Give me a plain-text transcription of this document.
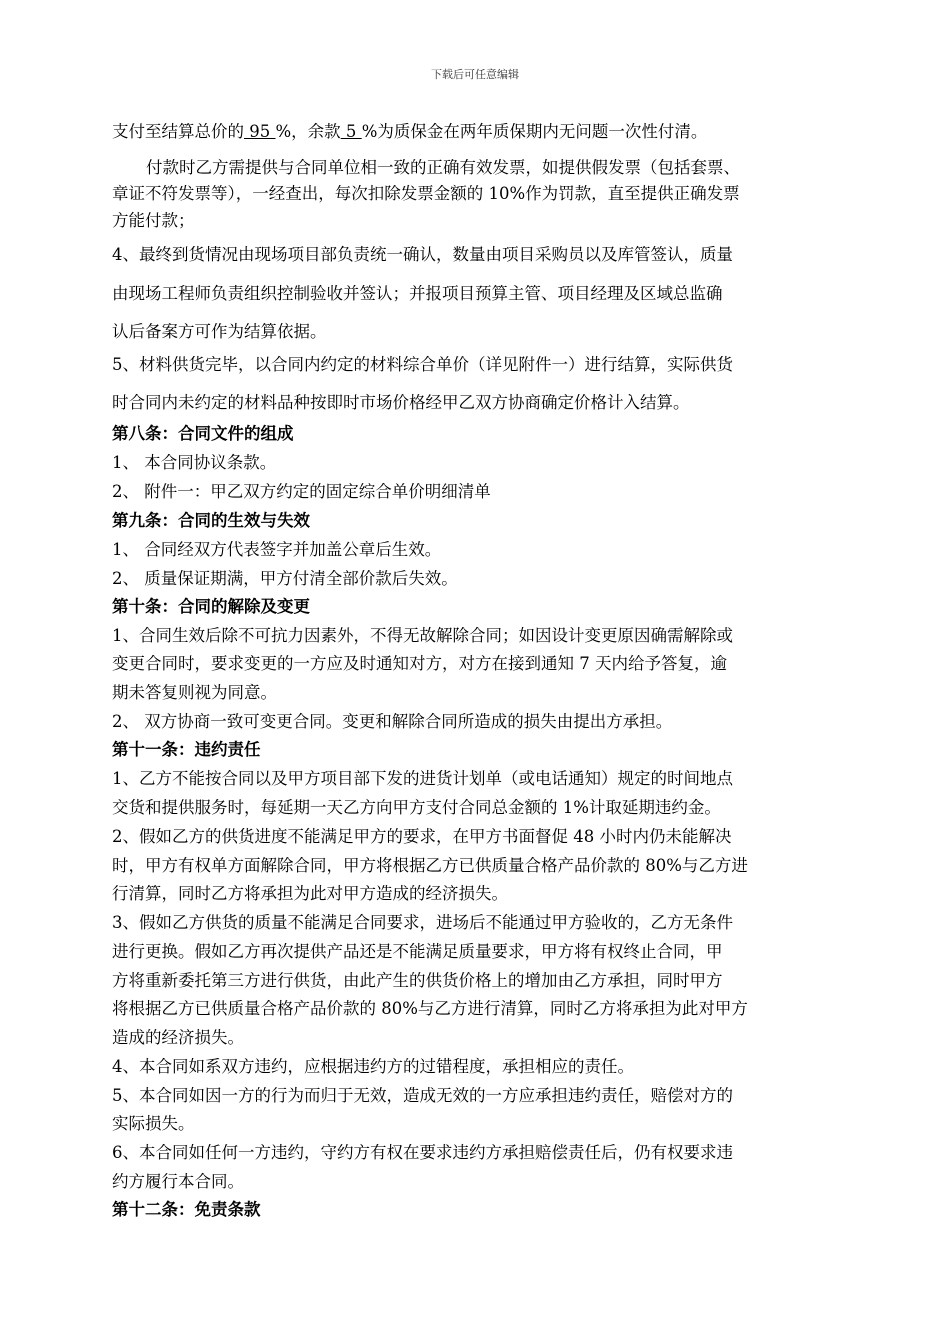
下载后可任意编辑
支付至结算总价的 95 %，余款 5 %为质保金在两年质保期内无问题一次性付清。
付款时乙方需提供与合同单位相一致的正确有效发票，如提供假发票（包括套票、
章证不符发票等），一经查出，每次扣除发票金额的 10%作为罚款，直至提供正确发票
方能付款；
4、最终到货情况由现场项目部负责统一确认，数量由项目采购员以及库管签认，质量
由现场工程师负责组织控制验收并签认；并报项目预算主管、项目经理及区域总监确
认后备案方可作为结算依据。
5、材料供货完毕，以合同内约定的材料综合单价（详见附件一）进行结算，实际供货
时合同内未约定的材料品种按即时市场价格经甲乙双方协商确定价格计入结算。
第八条：合同文件的组成
1、 本合同协议条款。
2、 附件一：甲乙双方约定的固定综合单价明细清单
第九条：合同的生效与失效
1、 合同经双方代表签字并加盖公章后生效。
2、 质量保证期满，甲方付清全部价款后失效。
第十条：合同的解除及变更
1、合同生效后除不可抗力因素外，不得无故解除合同；如因设计变更原因确需解除或
变更合同时，要求变更的一方应及时通知对方，对方在接到通知 7 天内给予答复，逾
期未答复则视为同意。
2、 双方协商一致可变更合同。变更和解除合同所造成的损失由提出方承担。
第十一条：违约责任
1、乙方不能按合同以及甲方项目部下发的进货计划单（或电话通知）规定的时间地点
交货和提供服务时，每延期一天乙方向甲方支付合同总金额的 1%计取延期违约金。
2、假如乙方的供货进度不能满足甲方的要求，在甲方书面督促 48 小时内仍未能解决
时，甲方有权单方面解除合同，甲方将根据乙方已供质量合格产品价款的 80%与乙方进
行清算，同时乙方将承担为此对甲方造成的经济损失。
3、假如乙方供货的质量不能满足合同要求，进场后不能通过甲方验收的，乙方无条件
进行更换。假如乙方再次提供产品还是不能满足质量要求，甲方将有权终止合同，甲
方将重新委托第三方进行供货，由此产生的供货价格上的增加由乙方承担，同时甲方
将根据乙方已供质量合格产品价款的 80%与乙方进行清算，同时乙方将承担为此对甲方
造成的经济损失。
4、本合同如系双方违约，应根据违约方的过错程度，承担相应的责任。
5、本合同如因一方的行为而归于无效，造成无效的一方应承担违约责任，赔偿对方的
实际损失。
6、本合同如任何一方违约，守约方有权在要求违约方承担赔偿责任后，仍有权要求违
约方履行本合同。
第十二条：免责条款
